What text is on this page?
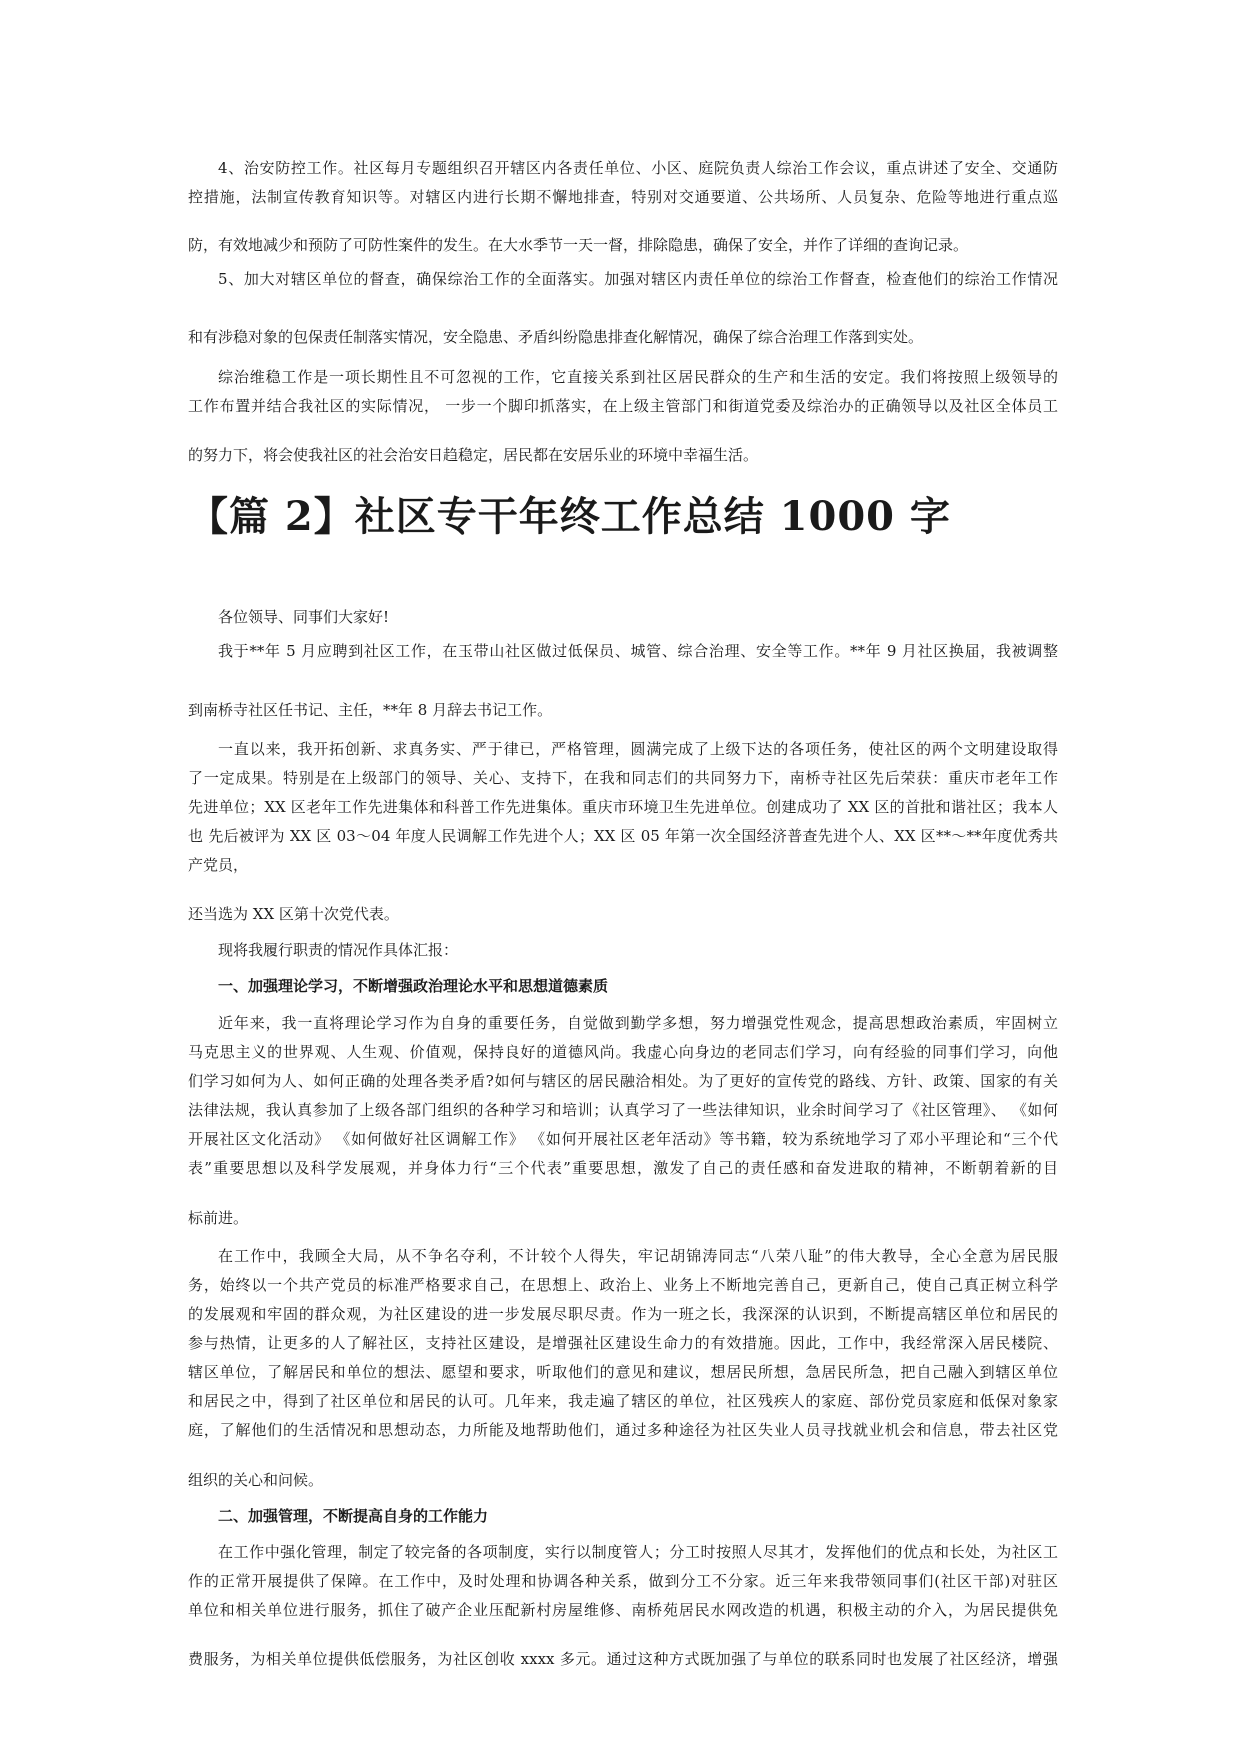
4、治安防控工作。社区每月专题组织召开辖区内各责任单位、小区、庭院负责人综治工作会议，重点讲述了安全、交通防
控措施，法制宣传教育知识等。对辖区内进行长期不懈地排查，特别对交通要道、公共场所、人员复杂、危险等地进行重点巡
防，有效地减少和预防了可防性案件的发生。在大水季节一天一督，排除隐患，确保了安全，并作了详细的查询记录。
5、加大对辖区单位的督查，确保综治工作的全面落实。加强对辖区内责任单位的综治工作督查，检查他们的综治工作情况
和有涉稳对象的包保责任制落实情况，安全隐患、矛盾纠纷隐患排查化解情况，确保了综合治理工作落到实处。
综治维稳工作是一项长期性且不可忽视的工作，它直接关系到社区居民群众的生产和生活的安定。我们将按照上级领导的
工作布置并结合我社区的实际情况， 一步一个脚印抓落实，在上级主管部门和街道党委及综治办的正确领导以及社区全体员工
的努力下，将会使我社区的社会治安日趋稳定，居民都在安居乐业的环境中幸福生活。
【篇 2】社区专干年终工作总结 1000 字
各位领导、同事们大家好!
我于**年 5 月应聘到社区工作，在玉带山社区做过低保员、城管、综合治理、安全等工作。**年 9 月社区换届，我被调整
到南桥寺社区任书记、主任，**年 8 月辞去书记工作。
一直以来，我开拓创新、求真务实、严于律已，严格管理，圆满完成了上级下达的各项任务，使社区的两个文明建设取得
了一定成果。特别是在上级部门的领导、关心、支持下，在我和同志们的共同努力下，南桥寺社区先后荣获：重庆市老年工作
先进单位；XX 区老年工作先进集体和科普工作先进集体。重庆市环境卫生先进单位。创建成功了 XX 区的首批和谐社区；我本人
也 先后被评为 XX 区 03～04 年度人民调解工作先进个人；XX 区 05 年第一次全国经济普查先进个人、XX 区**～**年度优秀共
产党员，
还当选为 XX 区第十次党代表。
现将我履行职责的情况作具体汇报：
一、加强理论学习，不断增强政治理论水平和思想道德素质
近年来，我一直将理论学习作为自身的重要任务，自觉做到勤学多想，努力增强党性观念，提高思想政治素质，牢固树立
马克思主义的世界观、人生观、价值观，保持良好的道德风尚。我虚心向身边的老同志们学习，向有经验的同事们学习，向他
们学习如何为人、如何正确的处理各类矛盾?如何与辖区的居民融洽相处。为了更好的宣传党的路线、方针、政策、国家的有关
法律法规，我认真参加了上级各部门组织的各种学习和培训；认真学习了一些法律知识，业余时间学习了《社区管理》、 《如何
开展社区文化活动》 《如何做好社区调解工作》 《如何开展社区老年活动》等书籍，较为系统地学习了邓小平理论和“三个代
表”重要思想以及科学发展观，并身体力行“三个代表”重要思想，激发了自己的责任感和奋发进取的精神，不断朝着新的目
标前进。
在工作中，我顾全大局，从不争名夺利，不计较个人得失，牢记胡锦涛同志“八荣八耻”的伟大教导，全心全意为居民服
务，始终以一个共产党员的标准严格要求自己，在思想上、政治上、业务上不断地完善自己，更新自己，使自己真正树立科学
的发展观和牢固的群众观，为社区建设的进一步发展尽职尽责。作为一班之长，我深深的认识到，不断提高辖区单位和居民的
参与热情，让更多的人了解社区，支持社区建设，是增强社区建设生命力的有效措施。因此，工作中，我经常深入居民楼院、
辖区单位，了解居民和单位的想法、愿望和要求，听取他们的意见和建议，想居民所想，急居民所急，把自己融入到辖区单位
和居民之中，得到了社区单位和居民的认可。几年来，我走遍了辖区的单位，社区残疾人的家庭、部份党员家庭和低保对象家
庭，了解他们的生活情况和思想动态，力所能及地帮助他们，通过多种途径为社区失业人员寻找就业机会和信息，带去社区党
组织的关心和问候。
二、加强管理，不断提高自身的工作能力
在工作中强化管理，制定了较完备的各项制度，实行以制度管人；分工时按照人尽其才，发挥他们的优点和长处，为社区工
作的正常开展提供了保障。在工作中，及时处理和协调各种关系，做到分工不分家。近三年来我带领同事们(社区干部)对驻区
单位和相关单位进行服务，抓住了破产企业压配新村房屋维修、南桥苑居民水网改造的机遇，积极主动的介入，为居民提供免
费服务，为相关单位提供低偿服务，为社区创收 xxxx 多元。通过这种方式既加强了与单位的联系同时也发展了社区经济，增强
